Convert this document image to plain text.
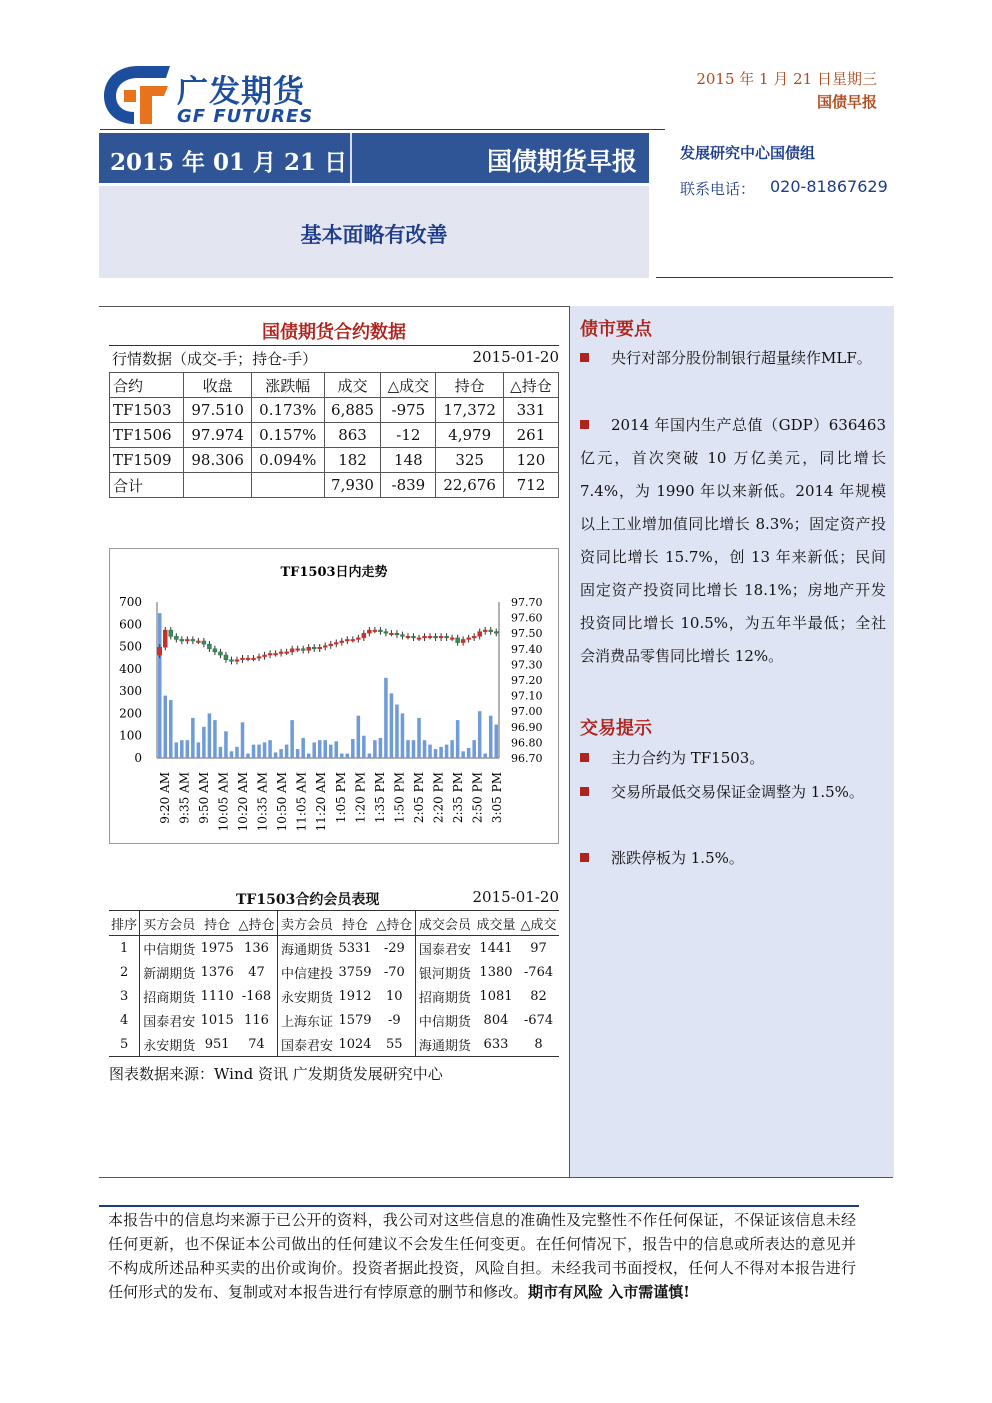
广发期货
GF FUTURES
2015 年 1 月 21 日星期三
国债早报
2015 年 01 月 21 日	国债期货早报
基本面略有改善
发展研究中心国债组
联系电话： 020-81867629
国债期货合约数据
行情数据（成交-手；持仓-手）	2015-01-20
合约	收盘	涨跌幅	成交	△成交	持仓	△持仓
TF1503	97.510	0.173%	6,885	-975	17,372	331
TF1506	97.974	0.157%	863	-12	4,979	261
TF1509	98.306	0.094%	182	148	325	120
合计			7,930	-839	22,676	712
TF1503日内走势
0
100
200
300
400
500
600
700
96.70
96.80
96.90
97.00
97.10
97.20
97.30
97.40
97.50
97.60
97.70
9:20 AM 9:35 AM 9:50 AM 10:05 AM 10:20 AM 10:35 AM 10:50 AM 11:05 AM 11:20 AM 1:05 PM 1:20 PM 1:35 PM 1:50 PM 2:05 PM 2:20 PM 2:35 PM 2:50 PM 3:05 PM
TF1503合约会员表现	2015-01-20
排序	买方会员	持仓	△持仓	卖方会员	持仓	△持仓	成交会员	成交量	△成交
1	中信期货	1975	136	海通期货	5331	-29	国泰君安	1441	97
2	新湖期货	1376	47	中信建投	3759	-70	银河期货	1380	-764
3	招商期货	1110	-168	永安期货	1912	10	招商期货	1081	82
4	国泰君安	1015	116	上海东证	1579	-9	中信期货	804	-674
5	永安期货	951	74	国泰君安	1024	55	海通期货	633	8
图表数据来源：Wind 资讯 广发期货发展研究中心
债市要点
央行对部分股份制银行超量续作MLF。
2014 年国内生产总值（GDP）636463 亿元，首次突破 10 万亿美元，同比增长 7.4%，为 1990 年以来新低。2014 年规模以上工业增加值同比增长 8.3%；固定资产投资同比增长 15.7%，创 13 年来新低；民间固定资产投资同比增长 18.1%；房地产开发投资同比增长 10.5%，为五年半最低；全社会消费品零售同比增长 12%。
交易提示
主力合约为 TF1503。
交易所最低交易保证金调整为 1.5%。
涨跌停板为 1.5%。
本报告中的信息均来源于已公开的资料，我公司对这些信息的准确性及完整性不作任何保证，不保证该信息未经任何更新，也不保证本公司做出的任何建议不会发生任何变更。在任何情况下，报告中的信息或所表达的意见并不构成所述品种买卖的出价或询价。投资者据此投资，风险自担。未经我司书面授权，任何人不得对本报告进行任何形式的发布、复制或对本报告进行有悖原意的删节和修改。期市有风险 入市需谨慎!
